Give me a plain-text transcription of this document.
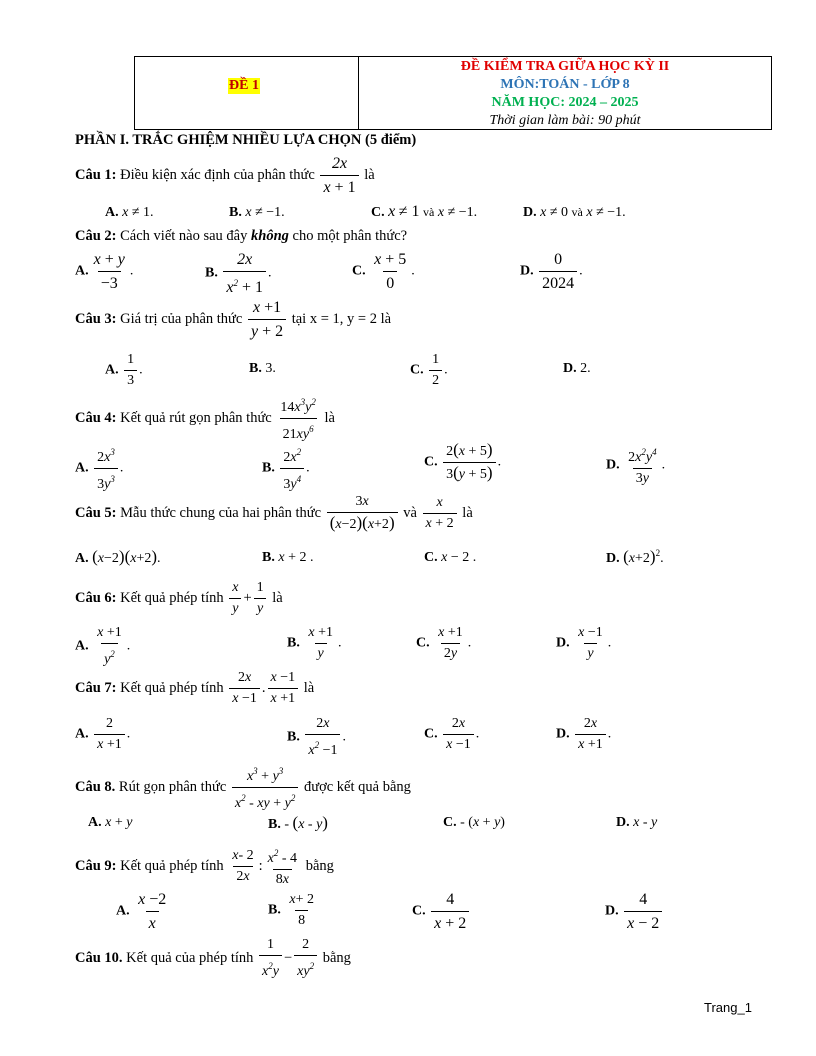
ĐỀ 1
ĐỀ KIỂM TRA GIỮA HỌC KỲ II
MÔN:TOÁN - LỚP 8
NĂM HỌC: 2024 – 2025
Thời gian làm bài: 90 phút
PHẦN I. TRẮC GHIỆM NHIỀU LỰA CHỌN (5 điểm)
Câu 1: Điều kiện xác định của phân thức $\frac{2x}{x + 1}$ là
A. x ≠ 1.	B. x ≠ −1.	C. x ≠ 1 và x ≠ −1.	D. x ≠ 0 và x ≠ −1.
Câu 2: Cách viết nào sau đây không cho một phân thức?
A. $\frac{x + y}{-3}$ .	B. $\frac{2x}{x^2 + 1}$ .	C. $\frac{x + 5}{0}$ .	D. $\frac{0}{2024}$ .
Câu 3: Giá trị của phân thức $\frac{x +1}{y + 2}$ tại x = 1, y = 2 là
A. $\frac{1}{3}$ .	B. 3.	C. $\frac{1}{2}$ .	D. 2.
Câu 4: Kết quả rút gọn phân thức $\frac{14x^3y^2}{21xy^6}$ là
A. $\frac{2x^3}{3y^3}$ .	B. $\frac{2x^2}{3y^4}$ .	C. $\frac{2(x + 5)}{3(y + 5)}$ .	D. $\frac{2x^2y^4}{3y}$ .
Câu 5: Mẫu thức chung của hai phân thức $\frac{3x}{(x-2)(x+2)}$ và $\frac{x}{x + 2}$ là
A. (x−2)(x+2).	B. x + 2 .	C. x − 2 .	D. $(x+2)^2$.
Câu 6: Kết quả phép tính $\frac{x}{y} + \frac{1}{y}$ là
A. $\frac{x +1}{y^2}$ .	B. $\frac{x +1}{y}$ .	C. $\frac{x +1}{2y}$ .	D. $\frac{x -1}{y}$ .
Câu 7: Kết quả phép tính $\frac{2x}{x -1}$ . $\frac{x -1}{x +1}$ là
A. $\frac{2}{x +1}$ .	B. $\frac{2x}{x^2 -1}$ .	C. $\frac{2x}{x -1}$ .	D. $\frac{2x}{x +1}$ .
Câu 8. Rút gọn phân thức $\frac{x^3 + y^3}{x^2 - xy + y^2}$ được kết quả bằng
A. x + y	B. - (x - y)	C. - (x + y)	D. x - y
Câu 9: Kết quả phép tính $\frac{x- 2}{2x}$ : $\frac{x^2 - 4}{8x}$ bằng
A. $\frac{x -2}{x}$	B. $\frac{x+ 2}{8}$	C. $\frac{4}{x + 2}$	D. $\frac{4}{x - 2}$
Câu 10. Kết quả của phép tính $\frac{1}{x^2y} - \frac{2}{xy^2}$ bằng
Trang_1
